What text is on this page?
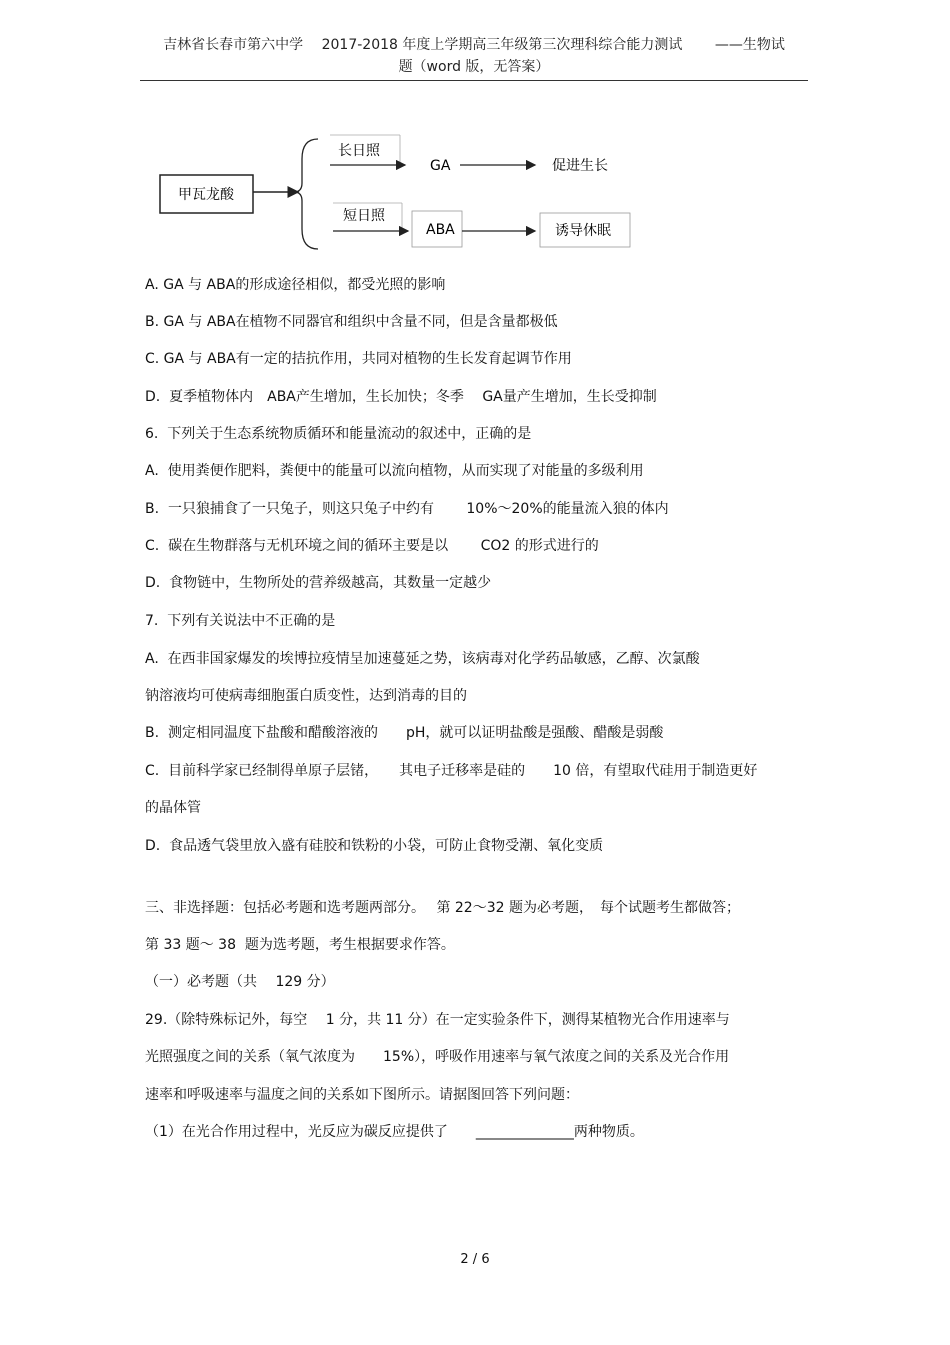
吉林省长春市第六中学　 2017-2018 年度上学期高三年级第三次理科综合能力测试　　 ——生物试
题（word 版，无答案）
甲瓦龙酸
长日照
GA	促进生长
短日照
ABA	诱导休眠
A. GA 与 ABA的形成途径相似，都受光照的影响
B. GA 与 ABA在植物不同器官和组织中含量不同，但是含量都极低
C. GA 与 ABA有一定的拮抗作用，共同对植物的生长发育起调节作用
D.  夏季植物体内　ABA产生增加，生长加快；冬季　 GA量产生增加，生长受抑制
6.  下列关于生态系统物质循环和能量流动的叙述中，正确的是
A.  使用粪便作肥料，粪便中的能量可以流向植物，从而实现了对能量的多级利用
B.  一只狼捕食了一只兔子，则这只兔子中约有　　 10%～20%的能量流入狼的体内
C.  碳在生物群落与无机环境之间的循环主要是以　　 CO2 的形式进行的
D.  食物链中，生物所处的营养级越高，其数量一定越少
7.  下列有关说法中不正确的是
A.  在西非国家爆发的埃博拉疫情呈加速蔓延之势，该病毒对化学药品敏感，乙醇、次氯酸
钠溶液均可使病毒细胞蛋白质变性，达到消毒的目的
B.  测定相同温度下盐酸和醋酸溶液的　　pH，就可以证明盐酸是强酸、醋酸是弱酸
C.  目前科学家已经制得单原子层锗，　　其电子迁移率是硅的　　10 倍，有望取代硅用于制造更好
的晶体管
D.  食品透气袋里放入盛有硅胶和铁粉的小袋，可防止食物受潮、氧化变质
三、非选择题：包括必考题和选考题两部分。　 第 22～32 题为必考题，　每个试题考生都做答；
第 33 题～ 38  题为选考题，考生根据要求作答。
（一）必考题（共　 129 分）
29.（除特殊标记外，每空　 1 分，共 11 分）在一定实验条件下，测得某植物光合作用速率与
光照强度之间的关系（氧气浓度为　　15%），呼吸作用速率与氧气浓度之间的关系及光合作用
速率和呼吸速率与温度之间的关系如下图所示。请据图回答下列问题：
（1）在光合作用过程中，光反应为碳反应提供了　　______________两种物质。
2 / 6
